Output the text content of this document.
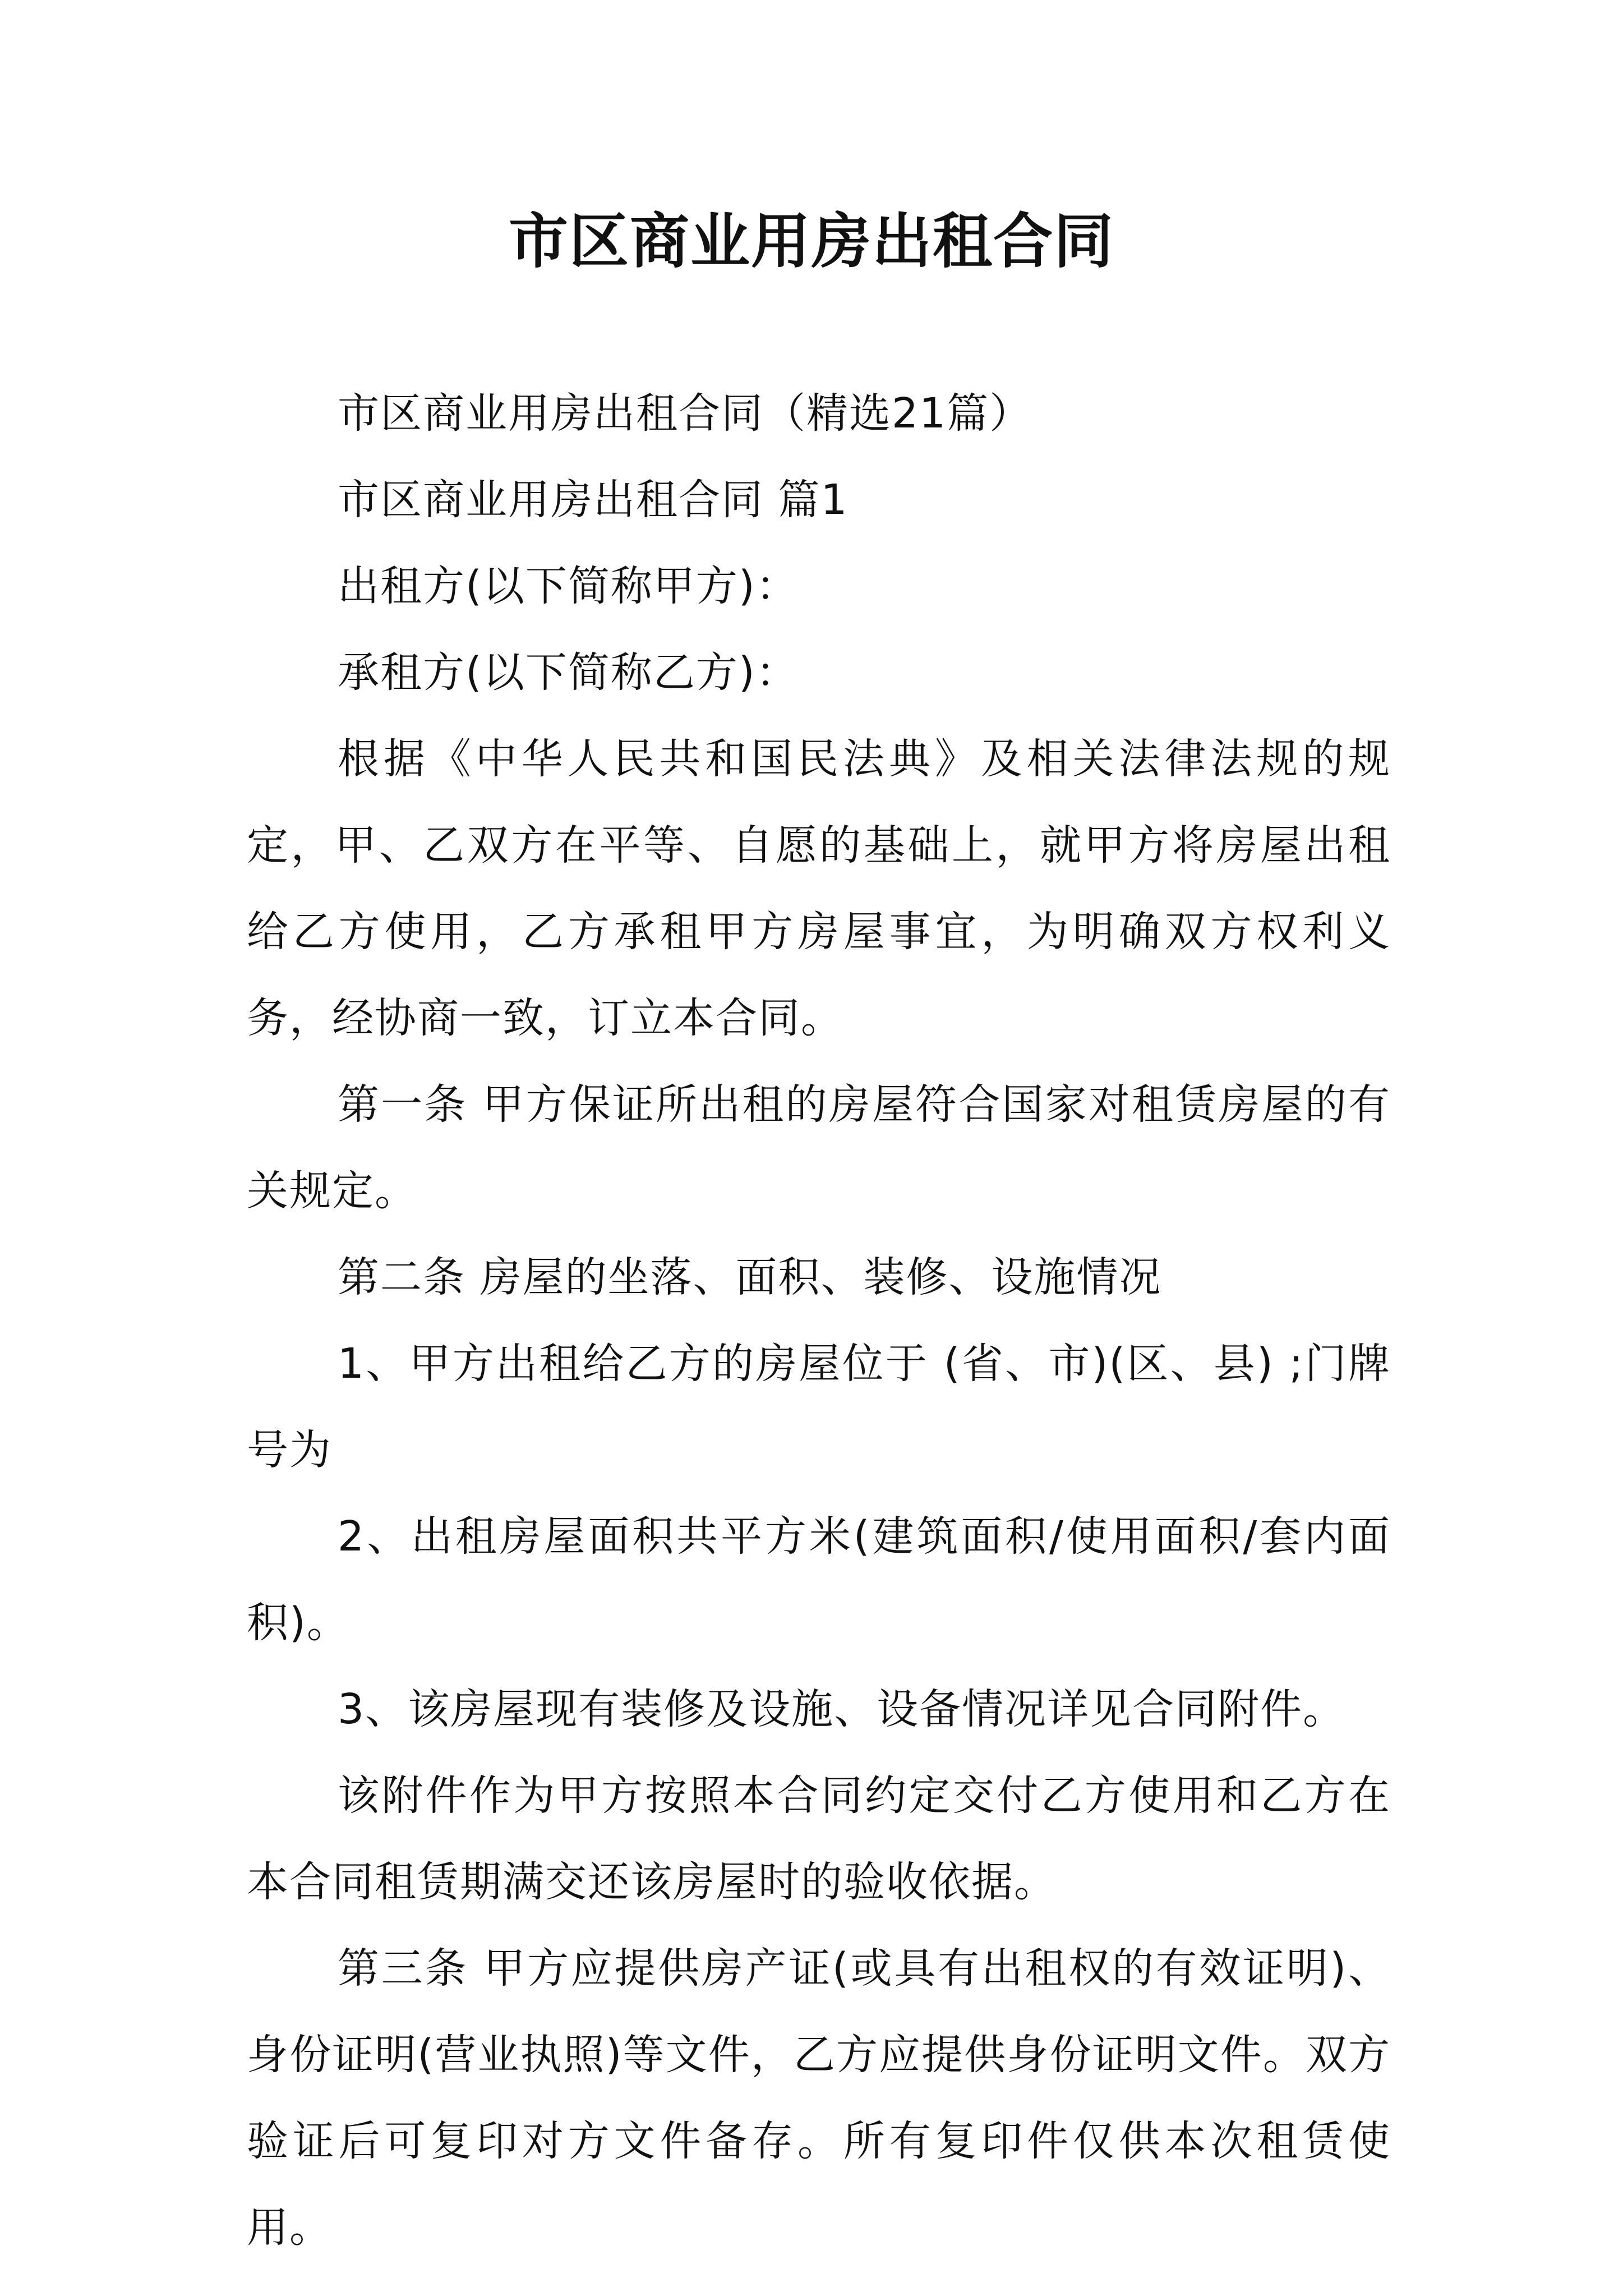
市区商业用房出租合同

市区商业用房出租合同（精选21篇）

市区商业用房出租合同 篇1

出租方(以下简称甲方)：

承租方(以下简称乙方)：

根据《中华人民共和国民法典》及相关法律法规的规定，甲、乙双方在平等、自愿的基础上，就甲方将房屋出租给乙方使用，乙方承租甲方房屋事宜，为明确双方权利义务，经协商一致，订立本合同。

第一条 甲方保证所出租的房屋符合国家对租赁房屋的有关规定。

第二条 房屋的坐落、面积、装修、设施情况

1、甲方出租给乙方的房屋位于 (省、市)(区、县) ;门牌号为

2、出租房屋面积共平方米(建筑面积/使用面积/套内面积)。

3、该房屋现有装修及设施、设备情况详见合同附件。

该附件作为甲方按照本合同约定交付乙方使用和乙方在本合同租赁期满交还该房屋时的验收依据。

第三条 甲方应提供房产证(或具有出租权的有效证明)、身份证明(营业执照)等文件，乙方应提供身份证明文件。双方验证后可复印对方文件备存。所有复印件仅供本次租赁使用。
